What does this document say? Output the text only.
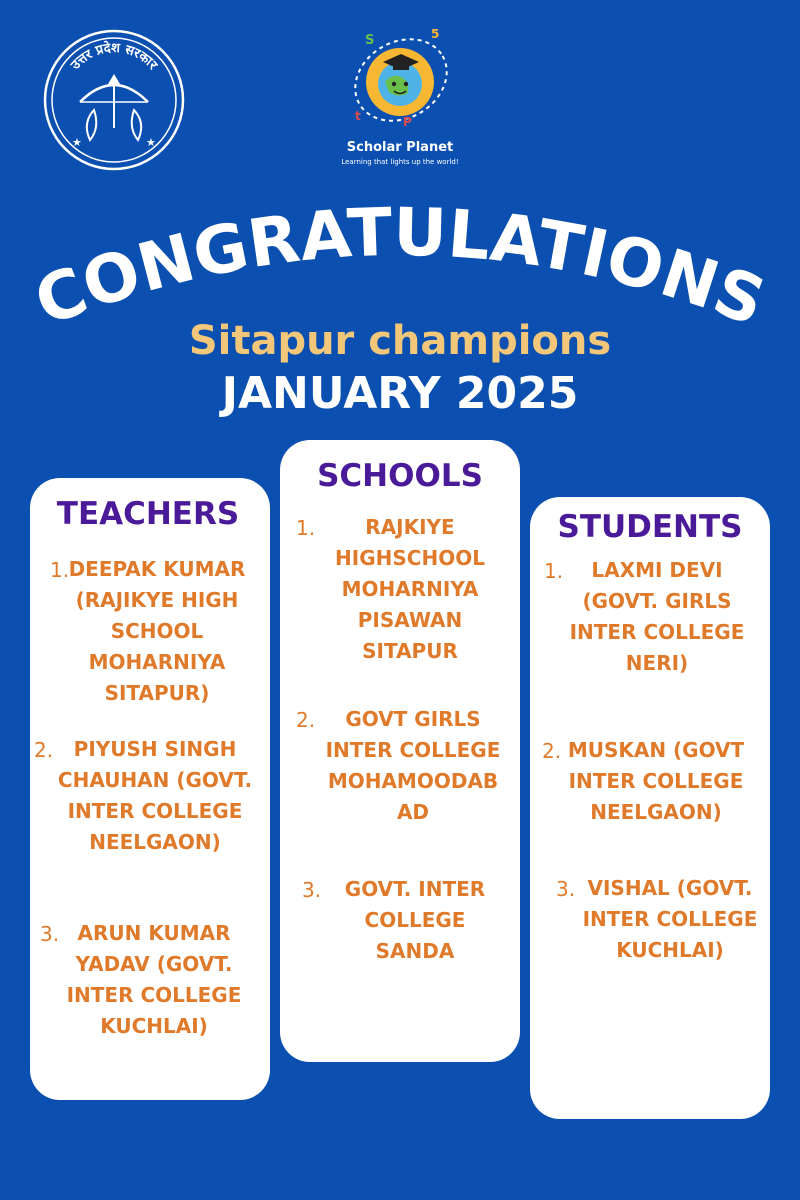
उत्तर प्रदेश सरकार
★	★
S	5
P
t
Scholar Planet
Learning that lights up the world!
CONGRATULATIONS
Sitapur champions
JANUARY 2025
TEACHERS
1. DEEPAK KUMAR
(RAJIKYE HIGH
SCHOOL
MOHARNIYA
SITAPUR)
2.	PIYUSH SINGH
CHAUHAN (GOVT.
INTER COLLEGE
NEELGAON)
3. ARUN KUMAR
YADAV (GOVT.
INTER COLLEGE
KUCHLAI)
SCHOOLS
1.	RAJKIYE
HIGHSCHOOL
MOHARNIYA
PISAWAN
SITAPUR
2.	GOVT GIRLS
INTER COLLEGE
MOHAMOODAB
AD
3.	GOVT. INTER
COLLEGE
SANDA
STUDENTS
1.	LAXMI DEVI
(GOVT. GIRLS
INTER COLLEGE
NERI)
2. MUSKAN (GOVT
INTER COLLEGE
NEELGAON)
3. VISHAL (GOVT.
INTER COLLEGE
KUCHLAI)
